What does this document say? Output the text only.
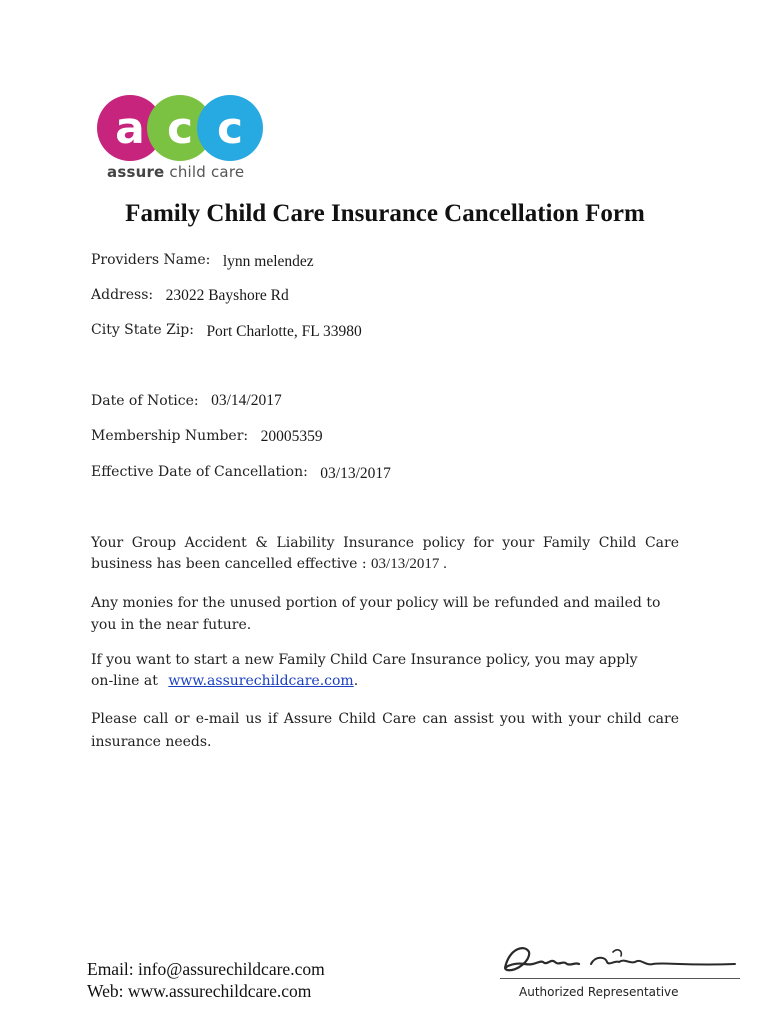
a c c
assure child care
Family Child Care Insurance Cancellation Form
Providers Name: lynn melendez
Address: 23022 Bayshore Rd
City State Zip: Port Charlotte, FL 33980
Date of Notice: 03/14/2017
Membership Number: 20005359
Effective Date of Cancellation: 03/13/2017
Your Group Accident & Liability Insurance policy for your Family Child Care business has been cancelled effective : 03/13/2017 .
Any monies for the unused portion of your policy will be refunded and mailed to you in the near future.
If you want to start a new Family Child Care Insurance policy, you may apply
on-line at www.assurechildcare.com.
Please call or e-mail us if Assure Child Care can assist you with your child care insurance needs.
Email: info@assurechildcare.com
Web: www.assurechildcare.com	Authorized Representative
